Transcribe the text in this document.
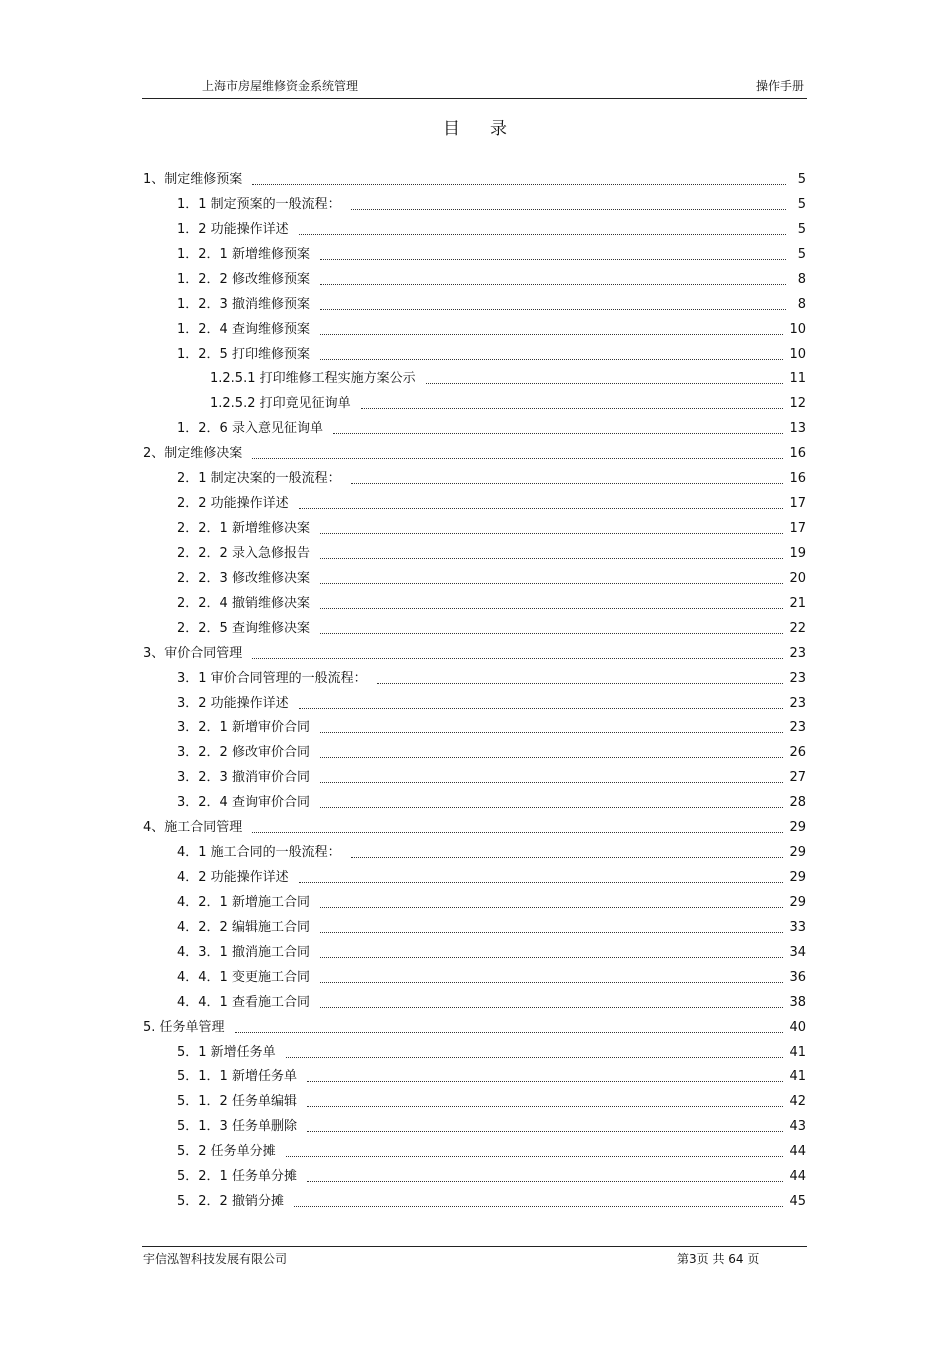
上海市房屋维修资金系统管理	操作手册
目录
1、制定维修预案	5
1．1 制定预案的一般流程：	5
1．2 功能操作详述	5
1．2．1 新增维修预案	5
1．2．2 修改维修预案	8
1．2．3 撤消维修预案	8
1．2．4 查询维修预案	10
1．2．5 打印维修预案	10
1.2.5.1 打印维修工程实施方案公示	11
1.2.5.2 打印竟见征询单	12
1．2．6 录入意见征询单	13
2、制定维修决案	16
2．1 制定决案的一般流程：	16
2．2 功能操作详述	17
2．2．1 新增维修决案	17
2．2．2 录入急修报告	19
2．2．3 修改维修决案	20
2．2．4 撤销维修决案	21
2．2．5 查询维修决案	22
3、审价合同管理	23
3．1 审价合同管理的一般流程：	23
3．2 功能操作详述	23
3．2．1 新增审价合同	23
3．2．2 修改审价合同	26
3．2．3 撤消审价合同	27
3．2．4 查询审价合同	28
4、施工合同管理	29
4．1 施工合同的一般流程：	29
4．2 功能操作详述	29
4．2．1 新增施工合同	29
4．2．2 编辑施工合同	33
4．3．1 撤消施工合同	34
4．4．1 变更施工合同	36
4．4．1 查看施工合同	38
5. 任务单管理	40
5．1 新增任务单	41
5．1．1 新增任务单	41
5．1．2 任务单编辑	42
5．1．3 任务单删除	43
5．2 任务单分摊	44
5．2．1 任务单分摊	44
5．2．2 撤销分摊	45
宇信泓智科技发展有限公司	第3页 共 64 页
